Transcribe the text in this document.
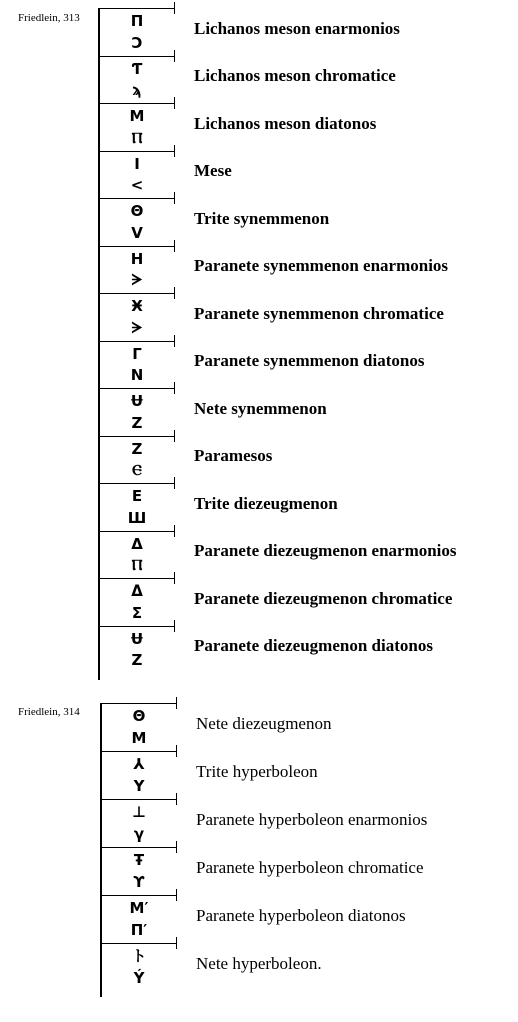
Friedlein, 313	Π
Ɔ
Lichanos meson enarmonios
Ƭ
ϡ
Lichanos meson chromatice
Μ
Ⲡ
Lichanos meson diatonos
I
<
Mese
Θ
V
Trite synemmenon
Η
ᗒ
Paranete synemmenon enarmonios
Ӿ
ᗒ
Paranete synemmenon chromatice
Γ
Ν
Paranete synemmenon diatonos
Ʉ
Ζ
Nete synemmenon
Ζ
Ⲉ
Paramesos
Ε
Ш
Trite diezeugmenon
Δ
Ⲡ
Paranete diezeugmenon enarmonios
ᐃ
Ʃ
Paranete diezeugmenon chromatice
Ʉ
Ζ
Paranete diezeugmenon diatonos
Friedlein, 314	Θ
Μ
Nete diezeugmenon
⅄
Υ
Trite hyperboleon
⊥
γ
Paranete hyperboleon enarmonios
Ŧ
ϒ
Paranete hyperboleon chromatice
Μ′
Π′
Paranete hyperboleon diatonos
ト
Ý
Nete hyperboleon.
